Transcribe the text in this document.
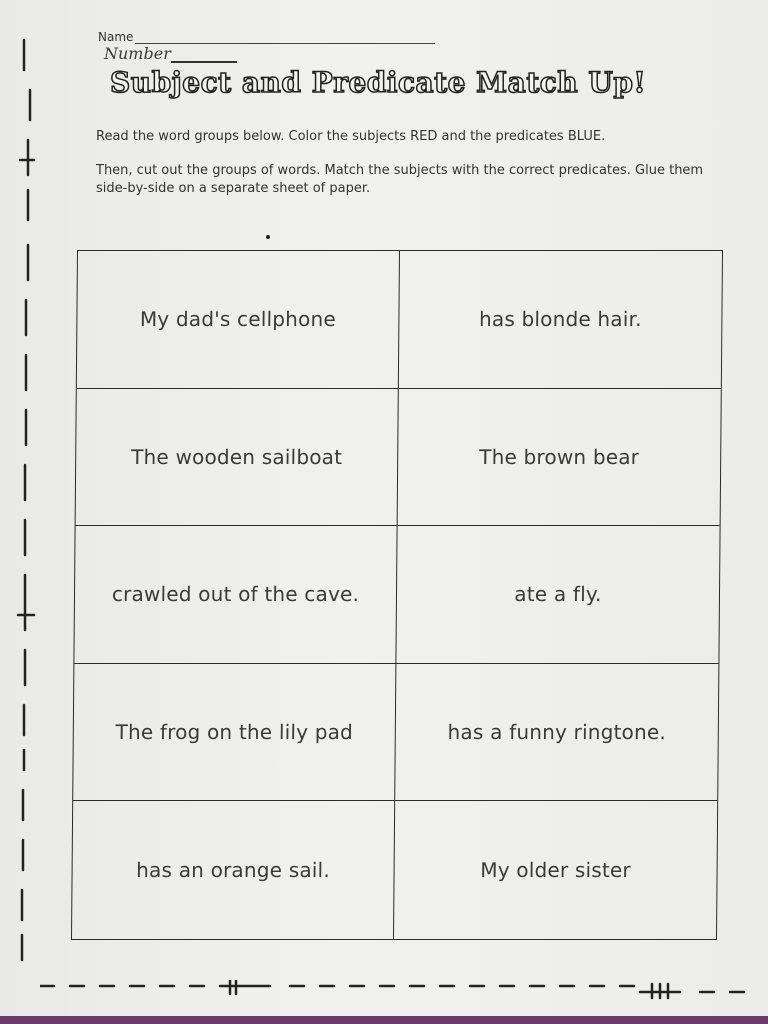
Name
Number
Subject and Predicate Match Up!
Read the word groups below. Color the subjects RED and the predicates BLUE.
Then, cut out the groups of words. Match the subjects with the correct predicates. Glue them side-by-side on a separate sheet of paper.
My dad's cellphone	has blonde hair.
The wooden sailboat	The brown bear
crawled out of the cave.	ate a fly.
The frog on the lily pad	has a funny ringtone.
has an orange sail.	My older sister
